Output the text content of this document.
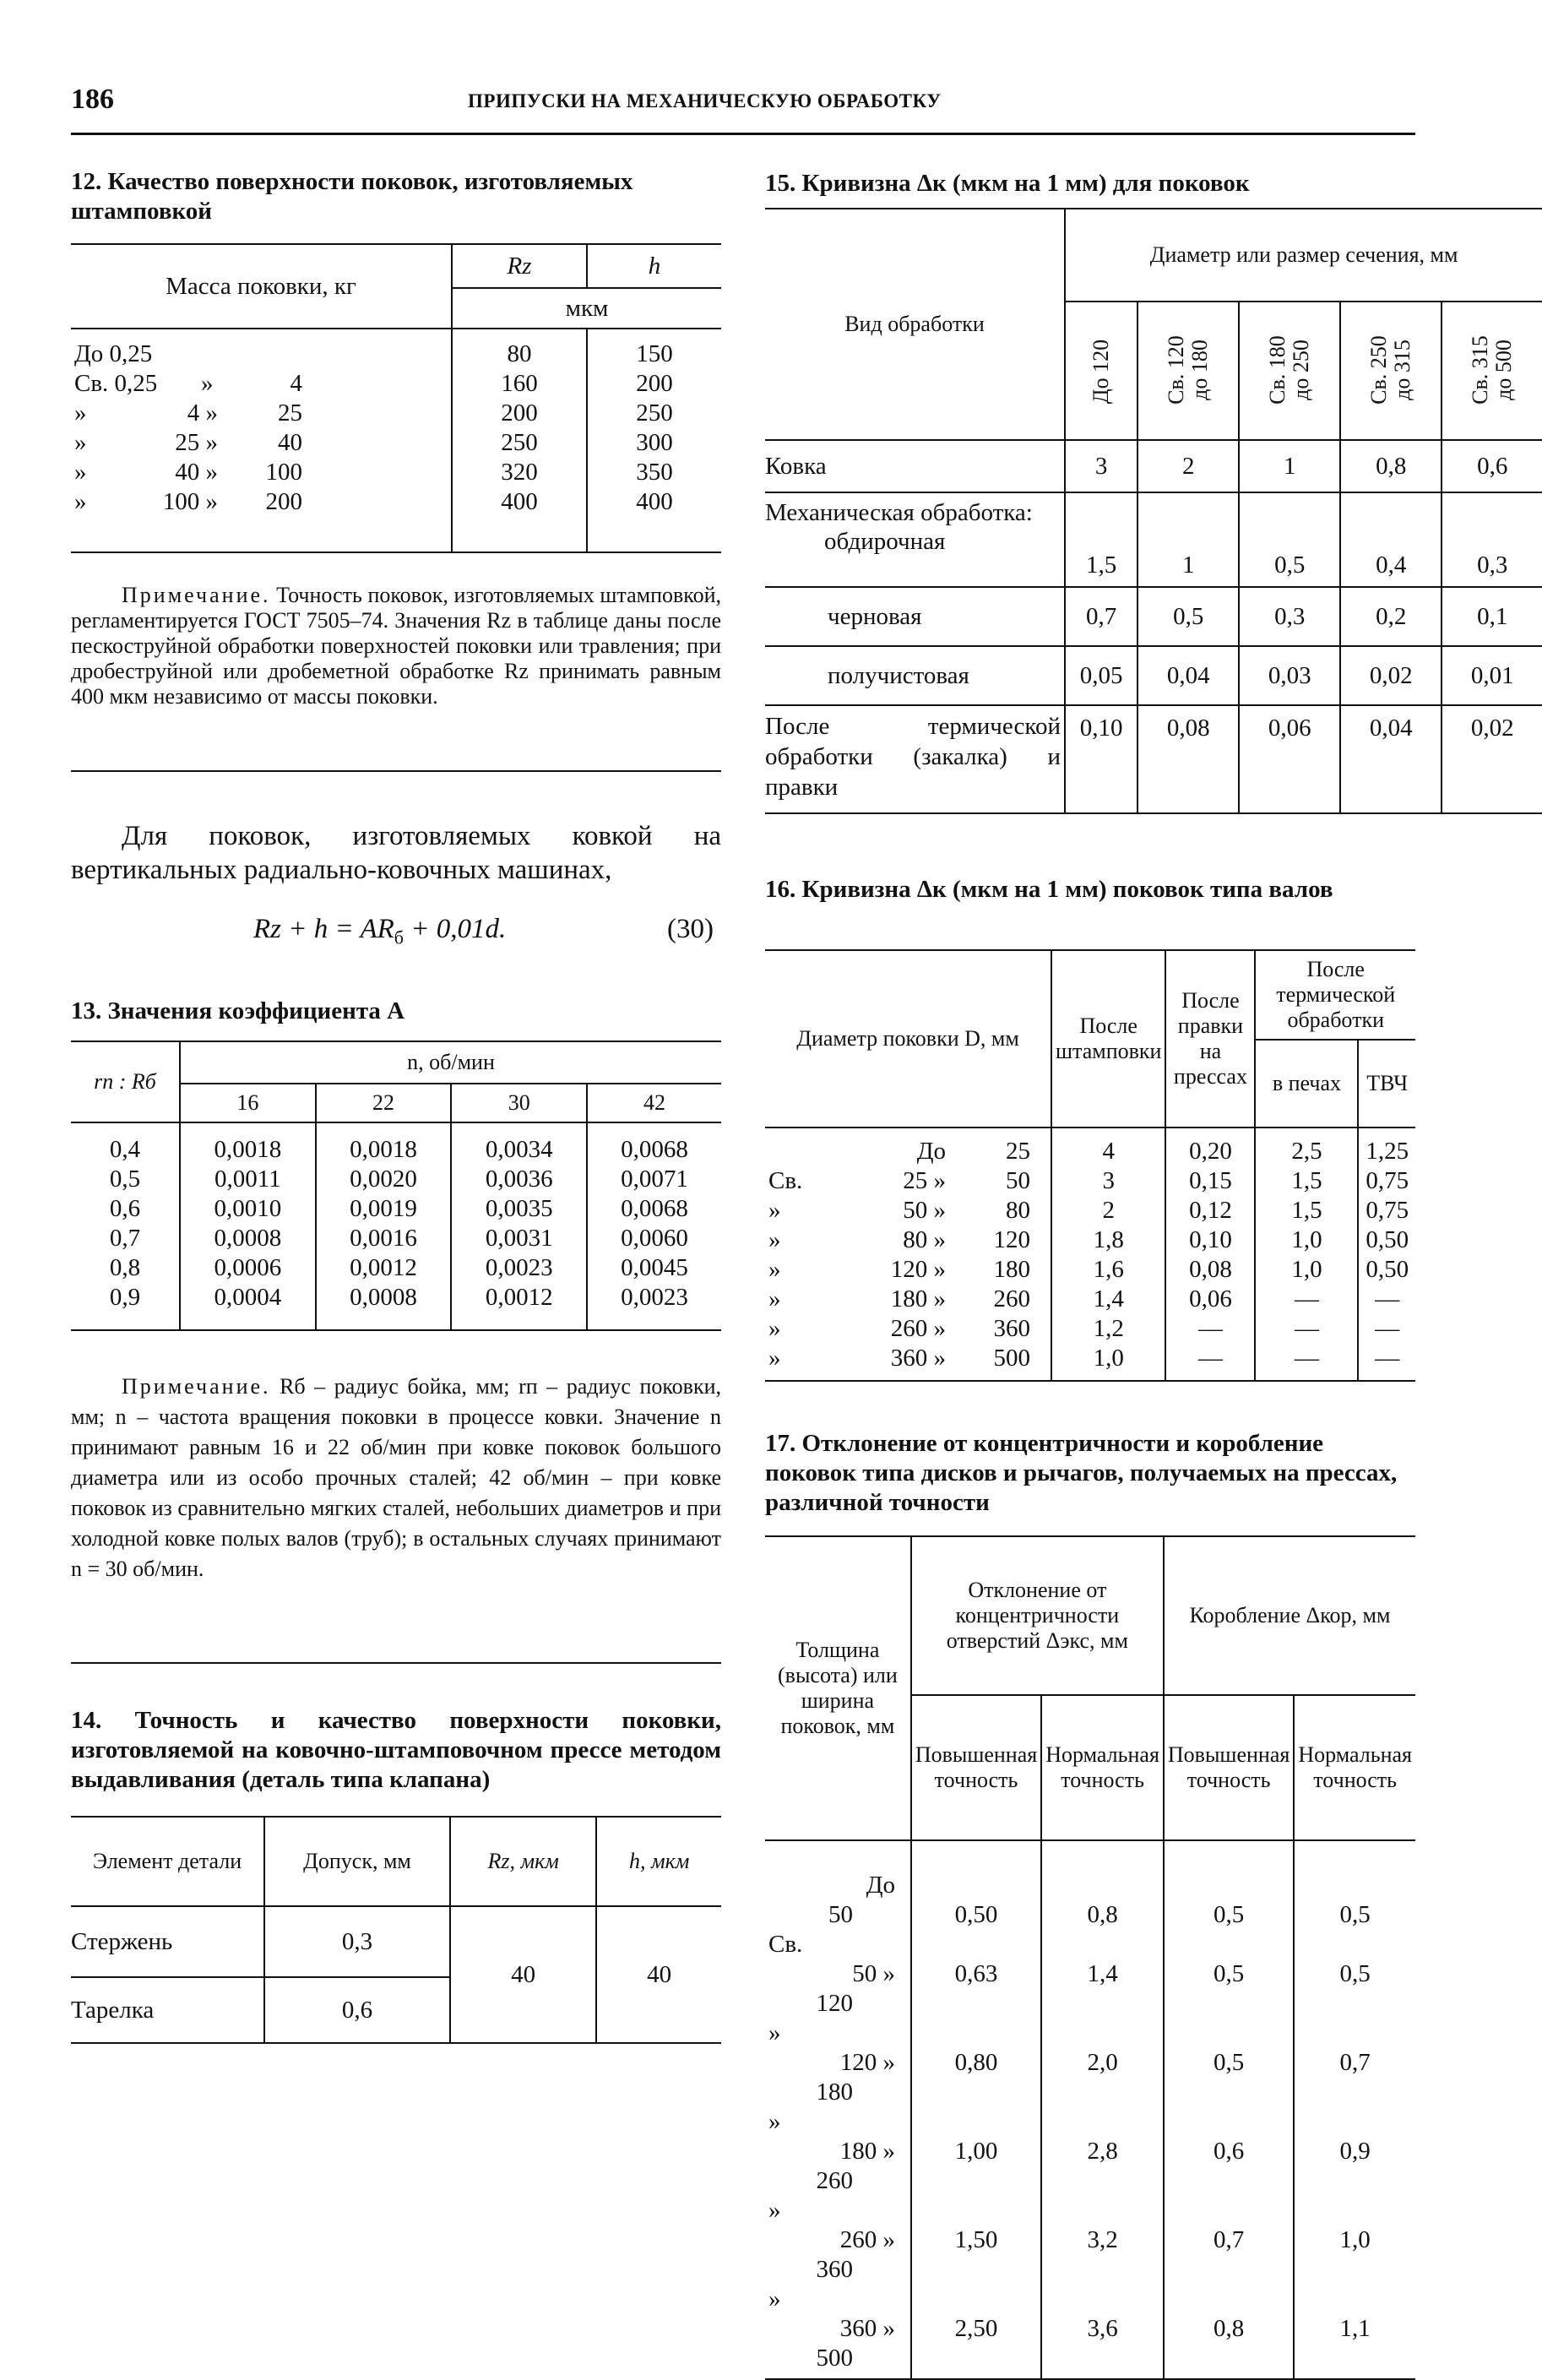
186	ПРИПУСКИ НА МЕХАНИЧЕСКУЮ ОБРАБОТКУ
12. Качество поверхности поковок, изготовляемых штамповкой
Масса поковки, кг	Rz	h
	мкм	
До 0,25	80	150
Св. 0,25 » 4	160	200
» 4 » 25	200	250
» 25 » 40	250	300
» 40 » 100	320	350
» 100 » 200	400	400

Примечание. Точность поковок, изготовляемых штамповкой, регламентируется ГОСТ 7505–74. Значения Rz в таблице даны после пескоструйной обработки поверхностей поковки или травления; при дробеструйной или дробеметной обработке Rz принимать равным 400 мкм независимо от массы поковки.
Для поковок, изготовляемых ковкой на вертикальных радиально-ковочных машинах,
$Rz + h = AR_б + 0,01d$.	(30)
13. Значения коэффициента A
rп : Rб	n, об/мин			
	16	22	30	42
0,4	0,0018	0,0018	0,0034	0,0068
0,5	0,0011	0,0020	0,0036	0,0071
0,6	0,0010	0,0019	0,0035	0,0068
0,7	0,0008	0,0016	0,0031	0,0060
0,8	0,0006	0,0012	0,0023	0,0045
0,9	0,0004	0,0008	0,0012	0,0023
Примечание. Rб – радиус бойка, мм; rп – радиус поковки, мм; n – частота вращения поковки в процессе ковки. Значение n принимают равным 16 и 22 об/мин при ковке поковок большого диаметра или из особо прочных сталей; 42 об/мин – при ковке поковок из сравнительно мягких сталей, небольших диаметров и при холодной ковке полых валов (труб); в остальных случаях принимают n = 30 об/мин.
14. Точность и качество поверхности поковки, изготовляемой на ковочно-штамповочном прессе методом выдавливания (деталь типа клапана)
Элемент детали	Допуск, мм	Rz, мкм	h, мкм
Стержень	0,3	40	40
Тарелка	0,6		
15. Кривизна Δк (мкм на 1 мм) для поковок
Вид обработки	Диаметр или размер сечения, мм				
	До 120	Св. 120 до 180	Св. 180 до 250	Св. 250 до 315	Св. 315 до 500
Ковка	3	2	1	0,8	0,6

Механическая обработка:
обдирочная	1,5	1	0,5	0,4	0,3
черновая	0,7	0,5	0,3	0,2	0,1
получистовая	0,05	0,04	0,03	0,02	0,01
После термической обработки (закалка) и правки	0,10	0,08	0,06	0,04	0,02
16. Кривизна Δк (мкм на 1 мм) поковок типа валов
Диаметр поковки D, мм	После штамповки	После правки на прессах	После термической обработки	
			в печах	ТВЧ
До 25	4	0,20	2,5	1,25
Св. 25 » 50	3	0,15	1,5	0,75
» 50 » 80	2	0,12	1,5	0,75
» 80 » 120	1,8	0,10	1,0	0,50
» 120 » 180	1,6	0,08	1,0	0,50
» 180 » 260	1,4	0,06	—	—
» 260 » 360	1,2	—	—	—
» 360 » 500	1,0	—	—	—
17. Отклонение от концентричности и коробление поковок типа дисков и рычагов, получаемых на прессах, различной точности
Толщина (высота) или ширина поковок, мм	Отклонение от концентричности отверстий Δэкс, мм		Коробление Δкор, мм	
	Повышенная точность	Нормальная точность	Повышенная точность	Нормальная точность
До50	0,50	0,8	0,5	0,5
Св.50 »120	0,63	1,4	0,5	0,5
»120 »180	0,80	2,0	0,5	0,7
»180 »260	1,00	2,8	0,6	0,9
»260 »360	1,50	3,2	0,7	1,0
»360 »500	2,50	3,6	0,8	1,1
